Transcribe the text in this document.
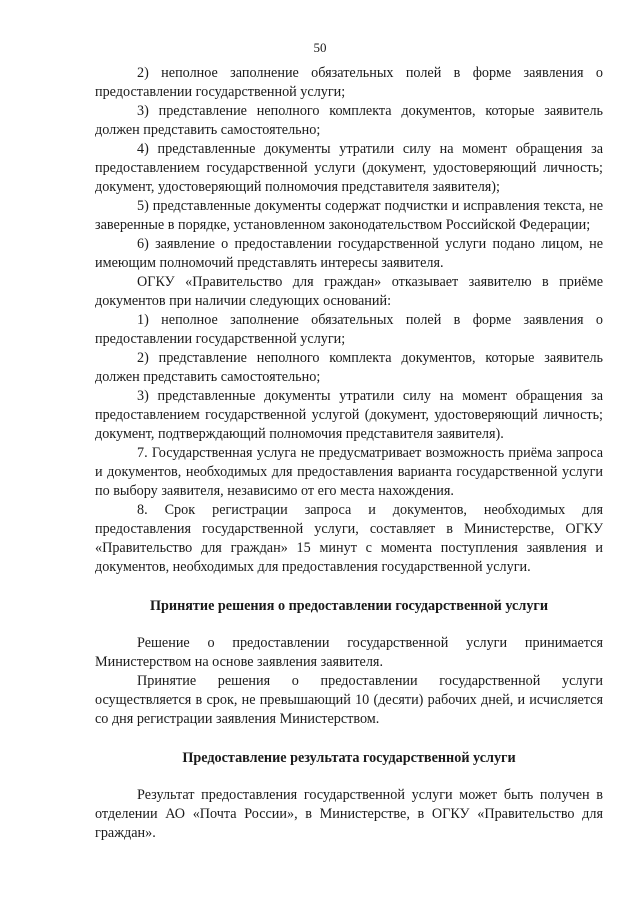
50

2) неполное заполнение обязательных полей в форме заявления о предоставлении государственной услуги;

3) представление неполного комплекта документов, которые заявитель должен представить самостоятельно;

4) представленные документы утратили силу на момент обращения за предоставлением государственной услуги (документ, удостоверяющий личность; документ, удостоверяющий полномочия представителя заявителя);

5) представленные документы содержат подчистки и исправления текста, не заверенные в порядке, установленном законодательством Российской Федерации;

6) заявление о предоставлении государственной услуги подано лицом, не имеющим полномочий представлять интересы заявителя.

ОГКУ «Правительство для граждан» отказывает заявителю в приёме документов при наличии следующих оснований:

1) неполное заполнение обязательных полей в форме заявления о предоставлении государственной услуги;

2) представление неполного комплекта документов, которые заявитель должен представить самостоятельно;

3) представленные документы утратили силу на момент обращения за предоставлением государственной услугой (документ, удостоверяющий личность; документ, подтверждающий полномочия представителя заявителя).

7. Государственная услуга не предусматривает возможность приёма запроса и документов, необходимых для предоставления варианта государственной услуги по выбору заявителя, независимо от его места нахождения.

8. Срок регистрации запроса и документов, необходимых для предоставления государственной услуги, составляет в Министерстве, ОГКУ «Правительство для граждан» 15 минут с момента поступления заявления и документов, необходимых для предоставления государственной услуги.

Принятие решения о предоставлении государственной услуги

Решение о предоставлении государственной услуги принимается Министерством на основе заявления заявителя.

Принятие решения о предоставлении государственной услуги осуществляется в срок, не превышающий 10 (десяти) рабочих дней, и исчисляется со дня регистрации заявления Министерством.

Предоставление результата государственной услуги

Результат предоставления государственной услуги может быть получен в отделении АО «Почта России», в Министерстве, в ОГКУ «Правительство для граждан».
